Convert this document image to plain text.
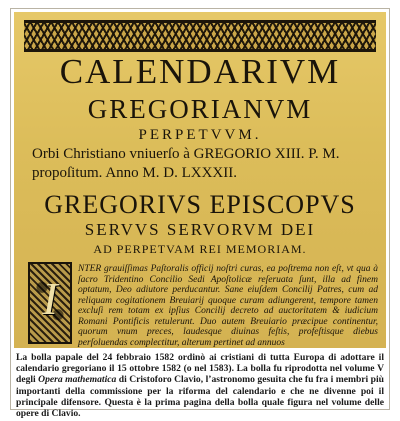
CALENDARIVM
GREGORIANVM
PERPETVVM.
Orbi Christiano vniuerſo à GREGORIO XIII. P. M. propoſitum. Anno M. D. LXXXII.
GREGORIVS EPISCOPVS
SERVVS SERVORVM DEI
AD PERPETVAM REI MEMORIAM.
I
NTER grauiſſimas Paſtoralis officij noſtri curas, ea poſtrema non eſt, vt qua à ſacro Tridentino Concilio Sedi Apoſtolicæ reſeruata ſunt, illa ad finem optatum, Deo adiutore perducantur. Sane eiuſdem Concilij Patres, cum ad reliquam cogitationem Breuiarij quoque curam adiungerent, tempore tamen excluſi rem totam ex ipſius Concilij decreto ad auctoritatem & iudicium Romani Pontificis retulerunt. Duo autem Breuiario præcipue continentur, quorum vnum preces, laudesque diuinas feſtis, profeſtisque diebus perſoluendas complectitur, alterum pertinet ad annuos
La bolla papale del 24 febbraio 1582 ordinò ai cristiani di tutta Europa di adottare il calendario gregoriano il 15 ottobre 1582 (o nel 1583). La bolla fu riprodotta nel volume V degli Opera mathematica di Cristoforo Clavio, l’astronomo gesuita che fu fra i membri più importanti della commissione per la riforma del calendario e che ne divenne poi il principale difensore. Questa è la prima pagina della bolla quale figura nel volume delle opere di Clavio.
